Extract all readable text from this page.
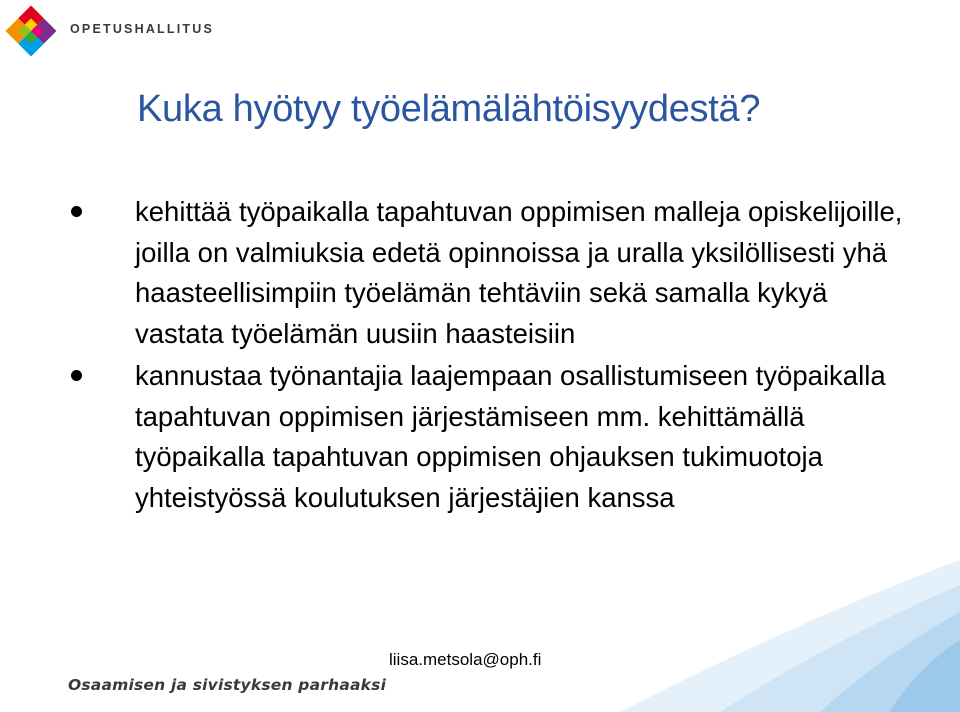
OPETUSHALLITUS
Kuka hyötyy työelämälähtöisyydestä?
kehittää työpaikalla tapahtuvan oppimisen malleja opiskelijoille, joilla on valmiuksia edetä opinnoissa ja uralla yksilöllisesti yhä haasteellisimpiin työelämän tehtäviin sekä samalla kykyä vastata työelämän uusiin haasteisiin
kannustaa työnantajia laajempaan osallistumiseen työpaikalla tapahtuvan oppimisen järjestämiseen mm. kehittämällä työpaikalla tapahtuvan oppimisen ohjauksen tukimuotoja yhteistyössä koulutuksen järjestäjien kanssa
liisa.metsola@oph.fi
Osaamisen ja sivistyksen parhaaksi
